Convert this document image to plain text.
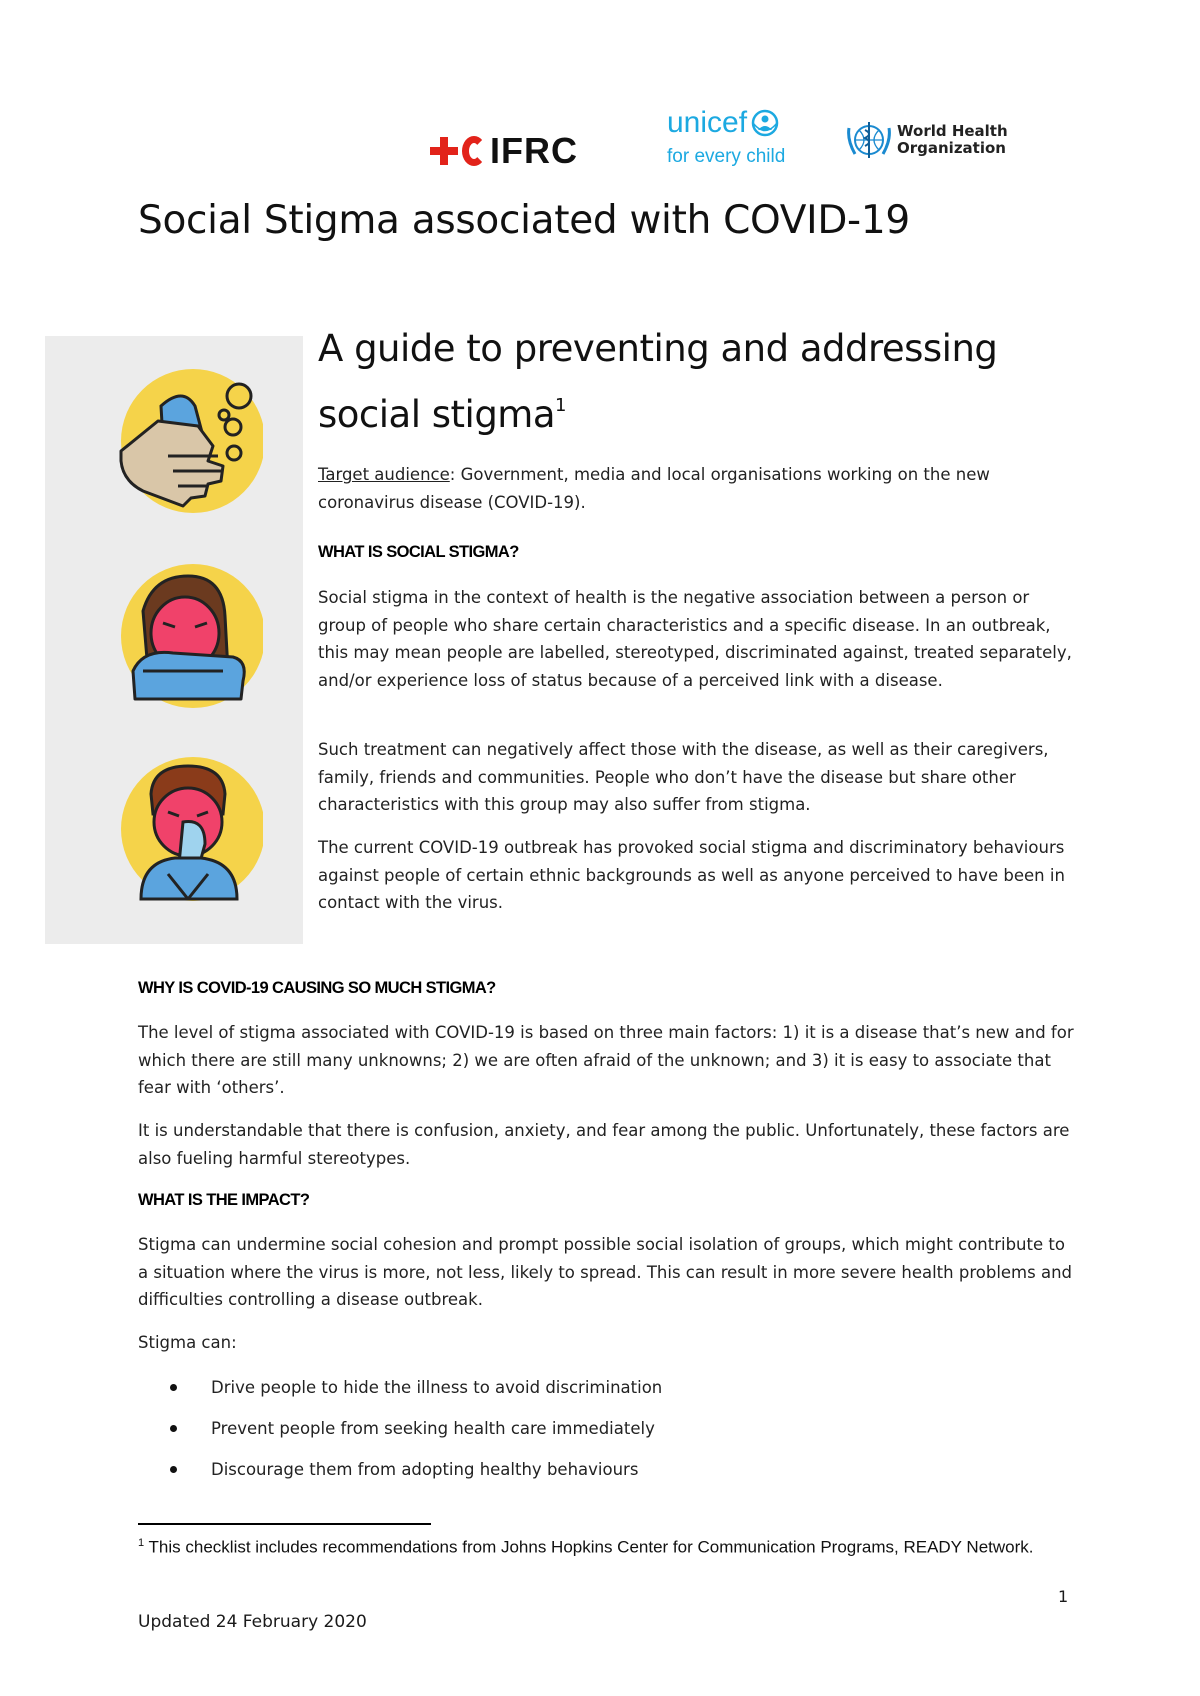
IFRC
unicef
for every child
World Health
Organization
Social Stigma associated with COVID-19
A guide to preventing and addressing social stigma$^1$
Target audience: Government, media and local organisations working on the new coronavirus disease (COVID-19).
WHAT IS SOCIAL STIGMA?
Social stigma in the context of health is the negative association between a person or group of people who share certain characteristics and a specific disease. In an outbreak, this may mean people are labelled, stereotyped, discriminated against, treated separately, and/or experience loss of status because of a perceived link with a disease.
Such treatment can negatively affect those with the disease, as well as their caregivers, family, friends and communities. People who don’t have the disease but share other characteristics with this group may also suffer from stigma.
The current COVID-19 outbreak has provoked social stigma and discriminatory behaviours against people of certain ethnic backgrounds as well as anyone perceived to have been in contact with the virus.
WHY IS COVID-19 CAUSING SO MUCH STIGMA?
The level of stigma associated with COVID-19 is based on three main factors: 1) it is a disease that’s new and for which there are still many unknowns; 2) we are often afraid of the unknown; and 3) it is easy to associate that fear with ‘others’.
It is understandable that there is confusion, anxiety, and fear among the public. Unfortunately, these factors are also fueling harmful stereotypes.
WHAT IS THE IMPACT?
Stigma can undermine social cohesion and prompt possible social isolation of groups, which might contribute to a situation where the virus is more, not less, likely to spread. This can result in more severe health problems and difficulties controlling a disease outbreak.
Stigma can:
Drive people to hide the illness to avoid discrimination
Prevent people from seeking health care immediately
Discourage them from adopting healthy behaviours
$^1$ This checklist includes recommendations from Johns Hopkins Center for Communication Programs, READY Network.
1
Updated 24 February 2020
